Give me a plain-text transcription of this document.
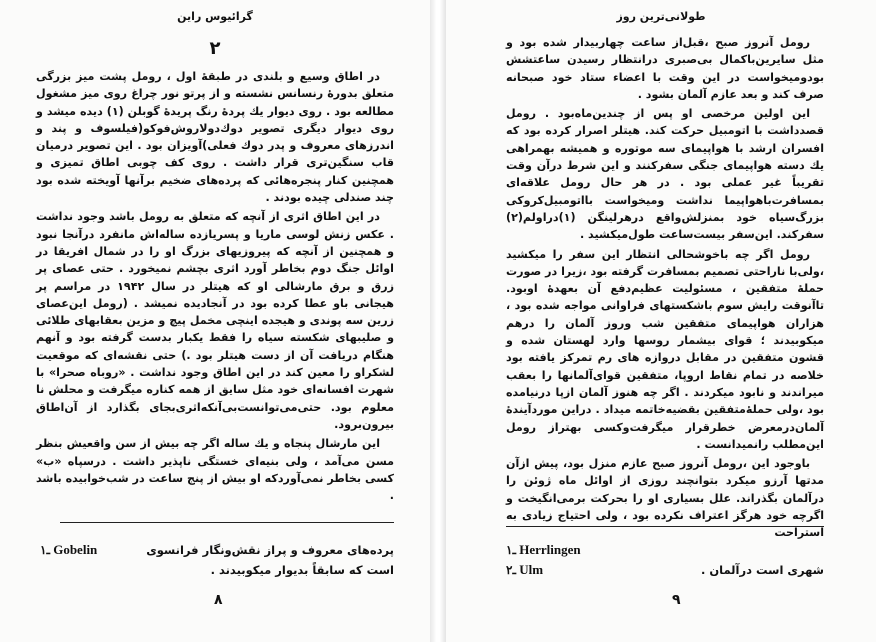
گرائیوس راین
۲

در اطاق وسیع و بلندی در طبقهٔ اول ، رومل پشت میز بزرگی متعلق بدورهٔ رنسانس نشسته و از پرتو نور چراغ روی میز مشغول مطالعه بود . روی دیوار یك پردهٔ رنگ پریدهٔ گوبلن (۱) دیده میشد و روی دیوار دیگری تصویر دوك‌دولاروش‌فوكو(فیلسوف و پند و اندرزهای معروف و پدر دوك فعلی)آویزان بود . این تصویر درمیان قاب سنگین‌تری قرار داشت . روی كف چوبی اطاق تمیزی و همچنین كنار پنجره‌هائی كه پرده‌های ضخیم برآنها آویخته شده بود چند صندلی چیده بودند .

در این اطاق اثری از آنچه كه متعلق به رومل باشد وجود نداشت . عكس زنش لوسی ماریا و پسریازده ساله‌اش مانفرد درآنجا نبود و همچنین از آنچه كه پیروزیهای بزرگ او را در شمال افریقا در اوائل جنگ دوم بخاطر آورد اثری بچشم نمیخورد . حتی عصای پر زرق و برق مارشالی او كه هیتلر در سال ۱۹۴۲ در مراسم پر هیجانی باو عطا كرده بود در آنجادیده نمیشد . (رومل این‌عصای زرین سه پوندی و هیجده اینچی مخمل پیچ و مزین بعقابهای طلائی و صلیبهای شكسته سیاه را فقط یكبار بدست گرفته بود و آنهم هنگام دریافت آن از دست هیتلر بود .) حتی نقشه‌ای كه موقعیت لشكراو را معین كند در این اطاق وجود نداشت . «روباه صحرا» با شهرت افسانه‌ای خود مثل سایق از همه كناره میگرفت و محلش نا معلوم بود. حتی‌می‌توانست‌بی‌آنكه‌اثری‌بجای بگذارد از آن‌اطاق بیرون‌برود.

این مارشال پنجاه و یك ساله اگر چه بیش از سن واقعیش بنظر مسن می‌آمد ، ولی بنیه‌ای خستگی ناپذیر داشت . درسپاه «ب» كسی بخاطر نمی‌آوردكه او بیش از پنج ساعت در شب‌خوابیده باشد .

پرده‌های معروف و پراز نقش‌ونگار فرانسوی
۱ـ Gobelin
است كه سابقاً بدیوار میكوبیدند .
۸
طولانی‌ترین روز

رومل آنروز صبح ،قبل‌از ساعت چهاربیدار شده بود و مثل سایرین‌باكمال بی‌صبری درانتظار رسیدن ساعتشش بودومیخواست در این وقت با اعضاء ستاد خود صبحانه صرف كند و بعد عازم آلمان بشود .

این اولین مرخصی او پس از چندین‌ماه‌بود . رومل قصدداشت با اتومبیل حركت كند. هیتلر اصرار كرده بود كه افسران ارشد با هواپیمای سه موتوره و همیشه بهمراهی یك دسته هواپیمای جنگی سفركنند و این شرط درآن وقت تقریباً غیر عملی بود . در هر حال رومل علاقه‌ای بمسافرت‌باهواپیما نداشت ومیخواست بااتومبیل‌كروكی بزرگ‌سیاه خود بمنزلش‌واقع درهرلینگن (۱)دراولم(۲) سفركند. این‌سفر بیست‌ساعت طول‌میكشید .

رومل اگر چه باخوشحالی انتظار این سفر را میكشید ،ولی‌با ناراحتی تصمیم بمسافرت گرفته بود ،زیرا در صورت حملهٔ متفقین ، مسئولیت عظیم‌دفع آن بعهدهٔ اوبود. تاآنوقت رایش سوم باشكستهای فراوانی مواجه شده بود ، هزاران هواپیمای متفقین شب وروز آلمان را درهم میكوبیدند ؛ قوای بیشمار روسها وارد لهستان شده و قشون متفقین در مقابل دروازه های رم تمركز یافته بود خلاصه در تمام نقاط اروپا، متفقین قوای‌آلمانها را بعقب میراندند و نابود میكردند . اگر چه هنوز آلمان ازپا درنیامده بود ،ولی حملهٔ‌متفقین بقضیه‌خاتمه میداد . دراین موردآیندهٔ آلمان‌درمعرض خطرقرار میگرفت‌وكسی بهتراز رومل این‌مطلب رانمیدانست .

باوجود این ،رومل آنروز صبح عازم منزل بود، پیش ازآن مدتها آرزو میكرد بتوانچند روزی از اوائل ماه ژوئن را درآلمان بگذراند. علل بسیاری او را بحركت برمی‌انگیخت و اگرچه خود هرگز اعتراف نكرده بود ، ولی احتیاج زیادی به استراحت

۱ـ Herrlingen
شهری است درآلمان .
۲ـ Ulm
۹
